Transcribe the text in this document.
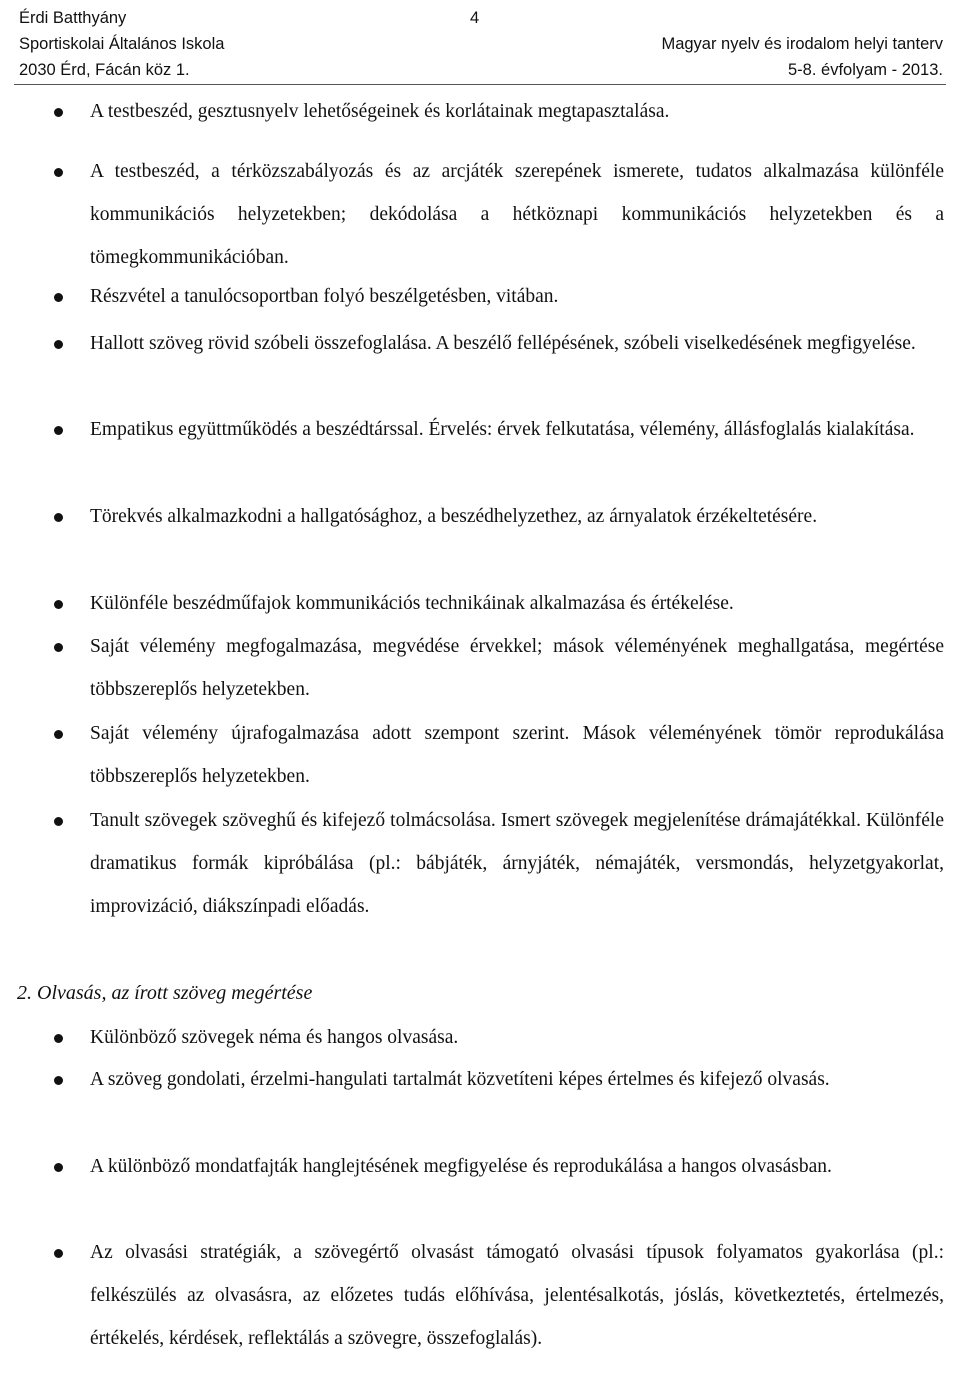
Érdi Batthyány
Sportiskolai Általános Iskola
2030 Érd, Fácán köz 1.
4
Magyar nyelv és irodalom helyi tanterv
5-8. évfolyam - 2013.
A testbeszéd, gesztusnyelv lehetőségeinek és korlátainak megtapasztalása.
A testbeszéd, a térközszabályozás és az arcjáték szerepének ismerete, tudatos alkalmazása különféle kommunikációs helyzetekben; dekódolása a hétköznapi kommunikációs helyzetekben és a tömegkommunikációban.
Részvétel a tanulócsoportban folyó beszélgetésben, vitában.
Hallott szöveg rövid szóbeli összefoglalása. A beszélő fellépésének, szóbeli viselkedésének megfigyelése.
Empatikus együttműködés a beszédtárssal. Érvelés: érvek felkutatása, vélemény, állásfoglalás kialakítása.
Törekvés alkalmazkodni a hallgatósághoz, a beszédhelyzethez, az árnyalatok érzékeltetésére.
Különféle beszédműfajok kommunikációs technikáinak alkalmazása és értékelése.
Saját vélemény megfogalmazása, megvédése érvekkel; mások véleményének meghallgatása, megértése többszereplős helyzetekben.
Saját vélemény újrafogalmazása adott szempont szerint. Mások véleményének tömör reprodukálása többszereplős helyzetekben.
Tanult szövegek szöveghű és kifejező tolmácsolása. Ismert szövegek megjelenítése drámajátékkal. Különféle dramatikus formák kipróbálása (pl.: bábjáték, árnyjáték, némajáték, versmondás, helyzetgyakorlat, improvizáció, diákszínpadi előadás.
2. Olvasás, az írott szöveg megértése
Különböző szövegek néma és hangos olvasása.
A szöveg gondolati, érzelmi-hangulati tartalmát közvetíteni képes értelmes és kifejező olvasás.
A különböző mondatfajták hanglejtésének megfigyelése és reprodukálása a hangos olvasásban.
Az olvasási stratégiák, a szövegértő olvasást támogató olvasási típusok folyamatos gyakorlása (pl.: felkészülés az olvasásra, az előzetes tudás előhívása, jelentésalkotás, jóslás, következtetés, értelmezés, értékelés, kérdések, reflektálás a szövegre, összefoglalás).
